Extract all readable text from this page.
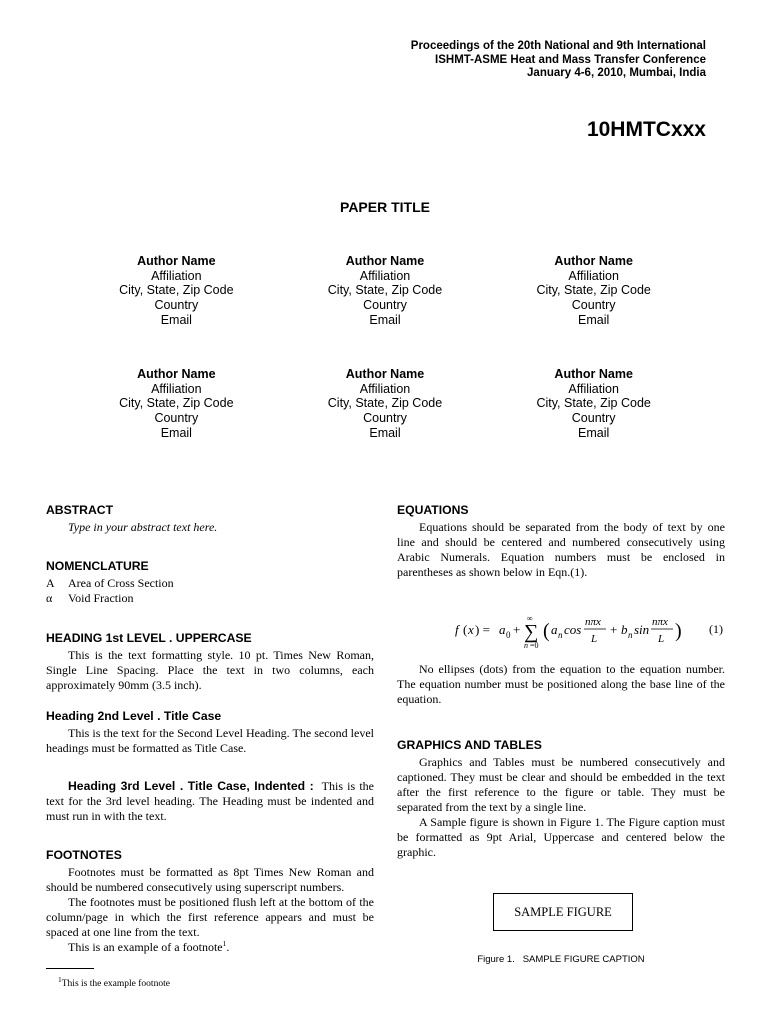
Proceedings of the 20th National and 9th International
ISHMT-ASME Heat and Mass Transfer Conference
January 4-6, 2010, Mumbai, India
10HMTCxxx
PAPER TITLE
Author Name
Affiliation
City, State, Zip Code
Country
Email
Author Name
Affiliation
City, State, Zip Code
Country
Email
Author Name
Affiliation
City, State, Zip Code
Country
Email
Author Name
Affiliation
City, State, Zip Code
Country
Email
Author Name
Affiliation
City, State, Zip Code
Country
Email
Author Name
Affiliation
City, State, Zip Code
Country
Email
ABSTRACT

Type in your abstract text here.

NOMENCLATURE
A	Area of Cross Section
α	Void Fraction
HEADING 1st LEVEL . UPPERCASE

This is the text formatting style. 10 pt. Times New Roman, Single Line Spacing. Place the text in two columns, each approximately 90mm (3.5 inch).

Heading 2nd Level . Title Case

This is the text for the Second Level Heading. The second level headings must be formatted as Title Case.

Heading 3rd Level . Title Case, Indented : This is the text for the 3rd level heading. The Heading must be indented and must run in with the text.

FOOTNOTES

Footnotes must be formatted as 8pt Times New Roman and should be numbered consecutively using superscript numbers.

The footnotes must be positioned flush left at the bottom of the column/page in which the first reference appears and must be spaced at one line from the text.

This is an example of a footnote$^1$.

$^1$This is the example footnote
EQUATIONS

Equations should be separated from the body of text by one line and should be centered and numbered consecutively using Arabic Numerals. Equation numbers must be enclosed in parentheses as shown below in Eqn.(1).

No ellipses (dots) from the equation to the equation number. The equation number must be positioned along the base line of the equation.

GRAPHICS AND TABLES

Graphics and Tables must be numbered consecutively and captioned. They must be clear and should be embedded in the text after the first reference to the figure or table. They must be separated from the text by a single line.

A Sample figure is shown in Figure 1. The Figure caption must be formatted as 9pt Arial, Uppercase and centered below the graphic.

f ( x ) = a 0 + ∑
∞
n =0
( a n cos nπx
L
+ b n sin nπx
L ) (1)
SAMPLE FIGURE
Figure 1.   SAMPLE FIGURE CAPTION
